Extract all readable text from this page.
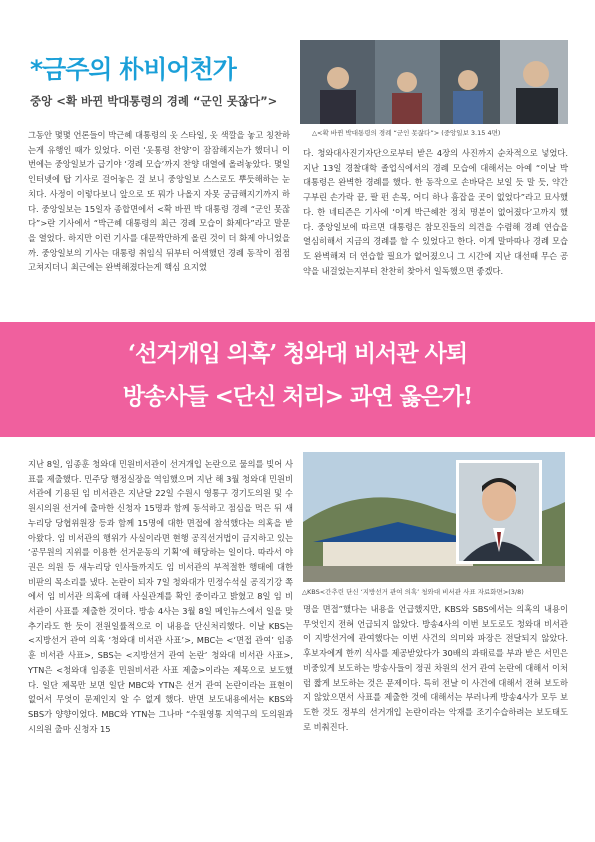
*금주의 朴비어천가
중앙 <확 바뀐 박대통령의 경례 “군인 못잖다”>
△<확 바뀐 박대통령의 경례 “군인 못잖다”> (중앙일보 3.15 4면)
그동안 몇몇 언론들이 박근혜 대통령의 옷 스타일, 옷 색깔을 놓고 칭찬하는게 유행인 때가 있었다. 이런 ‘옷통령 찬양’이 잠잠해지는가 했더니 이번에는 중앙일보가 급기야 ‘경례 모습’까지 찬양 대열에 올려놓았다. 몇일 인터넷에 탑 기사로 걸어놓은 걸 보니 중앙일보 스스로도 뿌듯해하는 눈치다. 사정이 이렇다보니 앞으로 또 뭐가 나올지 자못 궁금해지기까지 하다. 중앙일보는 15일자 종합면에서 <확 바뀐 박 대통령 경례 “군인 못잖다”>란 기사에서 “박근혜 대통령의 최근 경례 모습이 화제다”라고 말문을 열었다. 하지만 이런 기사를 대문짝만하게 올린 것이 더 화제 아니었을까. 중앙일보의 기사는 대통령 취임식 뒤부터 어색했던 경례 동작이 점점 고쳐지더니 최근에는 완벽해졌다는게 핵심 요지였
다. 청와대사진기자단으로부터 받은 4장의 사진까지 순차적으로 넣었다. 지난 13일 경찰대학 졸업식에서의 경례 모습에 대해서는 아예 “이날 박 대통령은 완벽한 경례를 했다. 한 동작으로 손바닥은 보일 듯 말 듯, 약간 구부린 손가락 끝, 팔 펀 손목, 어디 하나 흠잡을 곳이 없었다”라고 묘사했다. 한 네티즌은 기사에 ‘이게 박근혜찬 정치 명분이 없어졌다’고까지 했다. 중앙일보에 따르면 대통령은 참모진들의 의견을 수렴해 경례 연습을 열심히해서 지금의 경례를 할 수 있었다고 한다. 이게 말마따나 경례 모습도 완벽해져 더 연습할 필요가 없어졌으니 그 시간에 지난 대선때 무슨 공약을 내걸었는지부터 찬찬히 찾아서 일독했으면 좋겠다.
‘선거개입 의혹’ 청와대 비서관 사퇴
방송사들 <단신 처리> 과연 옳은가!
지난 8일, 임종훈 청와대 민원비서관이 선거개입 논란으로 물의를 빚어 사표를 제출했다. 민주당 행정실장을 역임했으며 지난 해 3월 청와대 민원비서관에 기용된 임 비서관은 지난달 22일 수원시 영통구 경기도의원 및 수원시의원 선거에 출마한 신청자 15명과 함께 동석하고 점심을 먹은 뒤 새누리당 당협위원장 등과 함께 15명에 대한 면접에 참석했다는 의혹을 받아왔다. 임 비서관의 행위가 사실이라면 현행 공직선거법이 금지하고 있는 ‘공무원의 지위를 이용한 선거운동의 기획’에 해당하는 일이다. 따라서 야권은 의원 등 새누리당 인사들까지도 임 비서관의 부적절한 행태에 대한 비판의 목소리를 냈다. 논란이 되자 7일 청와대가 민정수석실 공직기강 쪽에서 임 비서관 의혹에 대해 사실관계를 확인 중이라고 밝혔고 8일 임 비서관이 사표를 제출한 것이다. 방송 4사는 3월 8일 메인뉴스에서 일을 맞추기라도 한 듯이 전원일률적으로 이 내용을 단신처리했다. 이날 KBS는 <지방선거 관여 의혹 ‘청와대 비서관 사표’>, MBC는 <‘면접 관여’ 임종훈 비서관 사표>, SBS는 <지방선거 관여 논란’ 청와대 비서관 사표>, YTN은 <청와대 임종훈 민원비서관 사표 제출>이라는 제목으로 보도했다. 일단 제목만 보면 일단 MBC와 YTN은 선거 관여 논란이라는 표현이 없어서 무엇이 문제인지 알 수 없게 했다. 반면 보도내용에서는 KBS와 SBS가 양향이었다. MBC와 YTN는 그나마 “수원영통 지역구의 도의원과 시의원 출마 신청자 15
△KBS<간추린 단신 ‘지방선거 관여 의혹’ 청와대 비서관 사표 자료화면>(3/8)
명을 면접”했다는 내용을 언급했지만, KBS와 SBS에서는 의혹의 내용이 무엇인지 전혀 언급되지 않았다. 방송4사의 이번 보도로도 청와대 비서관이 지방선거에 관여했다는 이번 사건의 의미와 파장은 전달되지 않았다. 후보자에게 한끼 식사를 제공받았다가 30배의 과태료를 부과 받은 서민은 비중있게 보도하는 방송사들이 정권 차원의 선거 관여 논란에 대해서 이처럼 짧게 보도하는 것은 문제이다. 특히 전날 이 사건에 대해서 전혀 보도하지 않았으면서 사표를 제출한 것에 대해서는 부러나케 방송4사가 모두 보도한 것도 정부의 선거개입 논란이라는 악재를 조기수습하려는 보도태도로 비춰진다.
